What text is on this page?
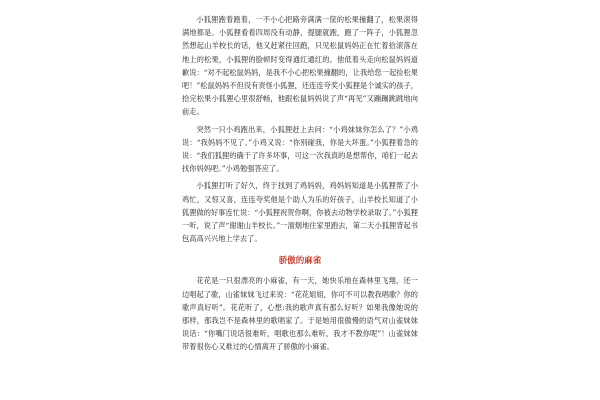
小狐狸跑着跑着，一不小心把路旁满满一筐的松果撞翻了，松果滚得满地都是。小狐狸看看四周没有动静，提腿就跑，跑了一阵子，小狐狸忽然想起山羊校长的话，他又赶紧往回跑，只见松鼠妈妈正在忙着拾滚落在地上的松果，小狐狸的脸顿时变得通红通红的。他低着头走向松鼠妈妈道歉说：“对不起松鼠妈妈，是我不小心把松果撞翻的，让我给您一起捡松果吧！”松鼠妈妈不但没有责怪小狐狸，还连连夸奖小狐狸是个诚实的孩子，拾完松果小狐狸心里很舒畅，他跟松鼠妈妈说了声“再见”又蹦蹦跳跳地向前走。

突然一只小鸡跑出来，小狐狸赶上去问：“小鸡妹妹你怎么了？”小鸡说：“我妈妈不见了。”小鸡又说：“你别碰我，你是大坏蛋。”小狐狸着急的说：“我们狐狸的确干了许多坏事，可这一次我真的是想帮你，咱们一起去找你妈妈吧。”小鸡勉强答应了。

小狐狸打听了好久，终于找到了鸡妈妈，鸡妈妈知道是小狐狸帮了小鸡忙，又惊又喜，连连夸奖他是个助人为乐的好孩子，山羊校长知道了小狐狸做的好事连忙说：“小狐狸祝贺你啊，你被去动物学校录取了。”小狐狸一听，说了声“谢谢山羊校长。”一溜烟地往家里跑去，第二天小狐狸背起书包高高兴兴地上学去了。

骄傲的麻雀

花花是一只很漂亮的小麻雀，有一天，她快乐地在森林里飞翔，还一边唱起了歌，山雀妹妹飞过来说：“花花姐姐，你可不可以教我唱歌？你的歌声真好听”。花花听了，心想:我的歌声真有那么好听？如果我像她说的那样，那我岂不是森林里的歌唱家了。于是她用很傲慢的语气对山雀妹妹说话：“你嘴门说话很难听，唱歌也那么难听，我才不教你呢”！山雀妹妹带着很伤心又难过的心情离开了骄傲的小麻雀。
